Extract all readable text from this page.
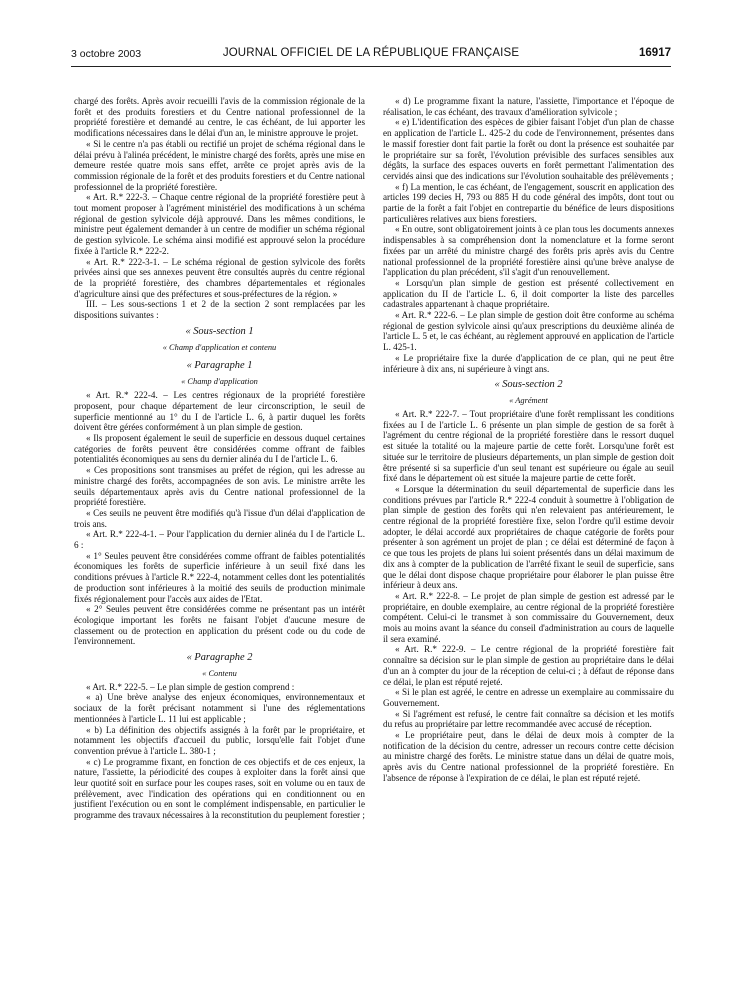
3 octobre 2003	JOURNAL OFFICIEL DE LA RÉPUBLIQUE FRANÇAISE	16917

chargé des forêts. Après avoir recueilli l'avis de la commission régionale de la forêt et des produits forestiers et du Centre national professionnel de la propriété forestière et demandé au centre, le cas échéant, de lui apporter les modifications nécessaires dans le délai d'un an, le ministre approuve le projet.

« Si le centre n'a pas établi ou rectifié un projet de schéma régional dans le délai prévu à l'alinéa précédent, le ministre chargé des forêts, après une mise en demeure restée quatre mois sans effet, arrête ce projet après avis de la commission régionale de la forêt et des produits forestiers et du Centre national professionnel de la propriété forestière.

« Art. R.* 222-3. – Chaque centre régional de la propriété forestière peut à tout moment proposer à l'agrément ministériel des modifications à un schéma régional de gestion sylvicole déjà approuvé. Dans les mêmes conditions, le ministre peut également demander à un centre de modifier un schéma régional de gestion sylvicole. Le schéma ainsi modifié est approuvé selon la procédure fixée à l'article R.* 222-2.

« Art. R.* 222-3-1. – Le schéma régional de gestion sylvicole des forêts privées ainsi que ses annexes peuvent être consultés auprès du centre régional de la propriété forestière, des chambres départementales et régionales d'agriculture ainsi que des préfectures et sous-préfectures de la région. »

III. – Les sous-sections 1 et 2 de la section 2 sont remplacées par les dispositions suivantes :

« Sous-section 1
« Champ d'application et contenu
« Paragraphe 1
« Champ d'application

« Art. R.* 222-4. – Les centres régionaux de la propriété forestière proposent, pour chaque département de leur circonscription, le seuil de superficie mentionné au 1° du I de l'article L. 6, à partir duquel les forêts doivent être gérées conformément à un plan simple de gestion.

« Ils proposent également le seuil de superficie en dessous duquel certaines catégories de forêts peuvent être considérées comme offrant de faibles potentialités économiques au sens du dernier alinéa du I de l'article L. 6.

« Ces propositions sont transmises au préfet de région, qui les adresse au ministre chargé des forêts, accompagnées de son avis. Le ministre arrête les seuils départementaux après avis du Centre national professionnel de la propriété forestière.

« Ces seuils ne peuvent être modifiés qu'à l'issue d'un délai d'application de trois ans.

« Art. R.* 222-4-1. – Pour l'application du dernier alinéa du I de l'article L. 6 :

« 1° Seules peuvent être considérées comme offrant de faibles potentialités économiques les forêts de superficie inférieure à un seuil fixé dans les conditions prévues à l'article R.* 222-4, notamment celles dont les potentialités de production sont inférieures à la moitié des seuils de production minimale fixés régionalement pour l'accès aux aides de l'Etat.

« 2° Seules peuvent être considérées comme ne présentant pas un intérêt écologique important les forêts ne faisant l'objet d'aucune mesure de classement ou de protection en application du présent code ou du code de l'environnement.

« Paragraphe 2
« Contenu

« Art. R.* 222-5. – Le plan simple de gestion comprend :

« a) Une brève analyse des enjeux économiques, environnementaux et sociaux de la forêt précisant notamment si l'une des réglementations mentionnées à l'article L. 11 lui est applicable ;

« b) La définition des objectifs assignés à la forêt par le propriétaire, et notamment les objectifs d'accueil du public, lorsqu'elle fait l'objet d'une convention prévue à l'article L. 380-1 ;

« c) Le programme fixant, en fonction de ces objectifs et de ces enjeux, la nature, l'assiette, la périodicité des coupes à exploiter dans la forêt ainsi que leur quotité soit en surface pour les coupes rases, soit en volume ou en taux de prélèvement, avec l'indication des opérations qui en conditionnent ou en justifient l'exécution ou en sont le complément indispensable, en particulier le programme des travaux nécessaires à la reconstitution du peuplement forestier ;

« d) Le programme fixant la nature, l'assiette, l'importance et l'époque de réalisation, le cas échéant, des travaux d'amélioration sylvicole ;

« e) L'identification des espèces de gibier faisant l'objet d'un plan de chasse en application de l'article L. 425-2 du code de l'environnement, présentes dans le massif forestier dont fait partie la forêt ou dont la présence est souhaitée par le propriétaire sur sa forêt, l'évolution prévisible des surfaces sensibles aux dégâts, la surface des espaces ouverts en forêt permettant l'alimentation des cervidés ainsi que des indications sur l'évolution souhaitable des prélèvements ;

« f) La mention, le cas échéant, de l'engagement, souscrit en application des articles 199 decies H, 793 ou 885 H du code général des impôts, dont tout ou partie de la forêt a fait l'objet en contrepartie du bénéfice de leurs dispositions particulières relatives aux biens forestiers.

« En outre, sont obligatoirement joints à ce plan tous les documents annexes indispensables à sa compréhension dont la nomenclature et la forme seront fixées par un arrêté du ministre chargé des forêts pris après avis du Centre national professionnel de la propriété forestière ainsi qu'une brève analyse de l'application du plan précédent, s'il s'agit d'un renouvellement.

« Lorsqu'un plan simple de gestion est présenté collectivement en application du II de l'article L. 6, il doit comporter la liste des parcelles cadastrales appartenant à chaque propriétaire.

« Art. R.* 222-6. – Le plan simple de gestion doit être conforme au schéma régional de gestion sylvicole ainsi qu'aux prescriptions du deuxième alinéa de l'article L. 5 et, le cas échéant, au règlement approuvé en application de l'article L. 425-1.

« Le propriétaire fixe la durée d'application de ce plan, qui ne peut être inférieure à dix ans, ni supérieure à vingt ans.

« Sous-section 2
« Agrément

« Art. R.* 222-7. – Tout propriétaire d'une forêt remplissant les conditions fixées au I de l'article L. 6 présente un plan simple de gestion de sa forêt à l'agrément du centre régional de la propriété forestière dans le ressort duquel est située la totalité ou la majeure partie de cette forêt. Lorsqu'une forêt est située sur le territoire de plusieurs départements, un plan simple de gestion doit être présenté si sa superficie d'un seul tenant est supérieure ou égale au seuil fixé dans le département où est située la majeure partie de cette forêt.

« Lorsque la détermination du seuil départemental de superficie dans les conditions prévues par l'article R.* 222-4 conduit à soumettre à l'obligation de plan simple de gestion des forêts qui n'en relevaient pas antérieurement, le centre régional de la propriété forestière fixe, selon l'ordre qu'il estime devoir adopter, le délai accordé aux propriétaires de chaque catégorie de forêts pour présenter à son agrément un projet de plan ; ce délai est déterminé de façon à ce que tous les projets de plans lui soient présentés dans un délai maximum de dix ans à compter de la publication de l'arrêté fixant le seuil de superficie, sans que le délai dont dispose chaque propriétaire pour élaborer le plan puisse être inférieur à deux ans.

« Art. R.* 222-8. – Le projet de plan simple de gestion est adressé par le propriétaire, en double exemplaire, au centre régional de la propriété forestière compétent. Celui-ci le transmet à son commissaire du Gouvernement, deux mois au moins avant la séance du conseil d'administration au cours de laquelle il sera examiné.

« Art. R.* 222-9. – Le centre régional de la propriété forestière fait connaître sa décision sur le plan simple de gestion au propriétaire dans le délai d'un an à compter du jour de la réception de celui-ci ; à défaut de réponse dans ce délai, le plan est réputé rejeté.

« Si le plan est agréé, le centre en adresse un exemplaire au commissaire du Gouvernement.

« Si l'agrément est refusé, le centre fait connaître sa décision et les motifs du refus au propriétaire par lettre recommandée avec accusé de réception.

« Le propriétaire peut, dans le délai de deux mois à compter de la notification de la décision du centre, adresser un recours contre cette décision au ministre chargé des forêts. Le ministre statue dans un délai de quatre mois, après avis du Centre national professionnel de la propriété forestière. En l'absence de réponse à l'expiration de ce délai, le plan est réputé rejeté.
